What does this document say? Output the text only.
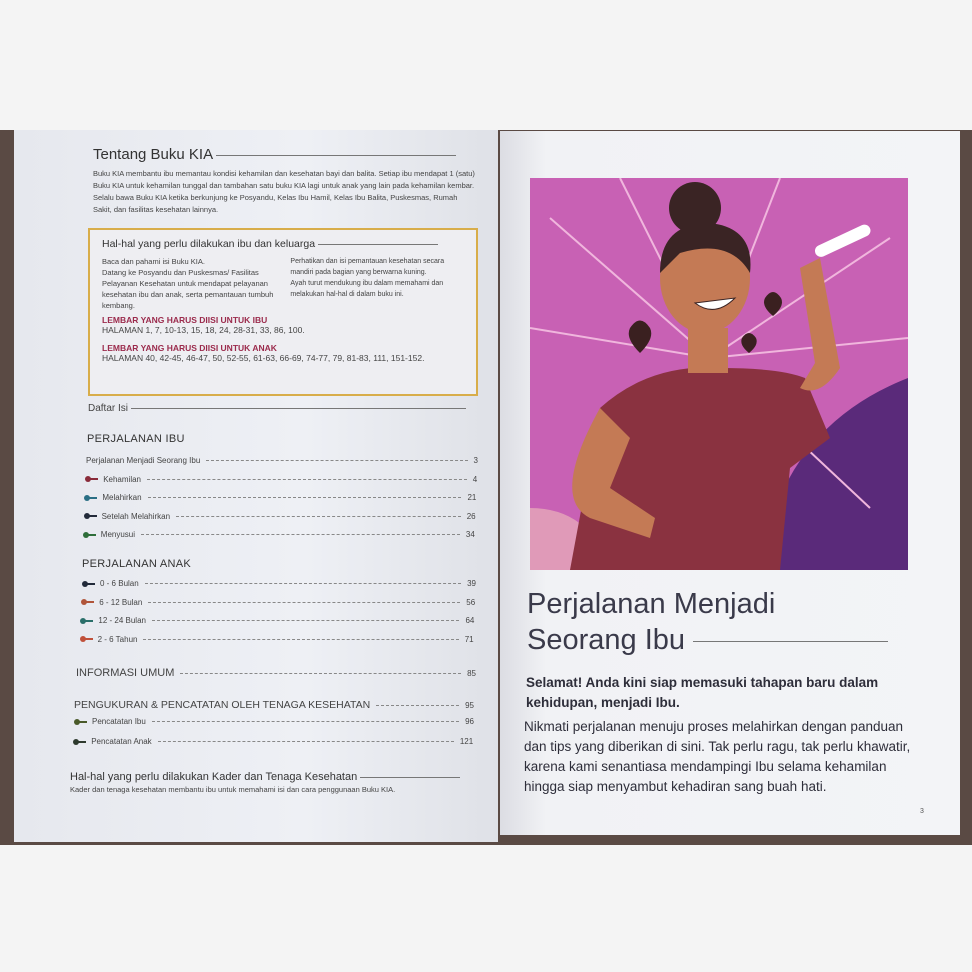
Tentang Buku KIA

Buku KIA membantu ibu memantau kondisi kehamilan dan kesehatan bayi dan balita. Setiap ibu mendapat 1 (satu) Buku KIA untuk kehamilan tunggal dan tambahan satu buku KIA lagi untuk anak yang lain pada kehamilan kembar. Selalu bawa Buku KIA ketika berkunjung ke Posyandu, Kelas Ibu Hamil, Kelas Ibu Balita, Puskesmas, Rumah Sakit, dan fasilitas kesehatan lainnya.

Hal-hal yang perlu dilakukan ibu dan keluarga
Baca dan pahami isi Buku KIA.
Datang ke Posyandu dan Puskesmas/ Fasilitas Pelayanan Kesehatan untuk mendapat pelayanan kesehatan ibu dan anak, serta pemantauan tumbuh kembang.
Perhatikan dan isi pemantauan kesehatan secara mandiri pada bagian yang berwarna kuning.
Ayah turut mendukung ibu dalam memahami dan melakukan hal-hal di dalam buku ini.
LEMBAR YANG HARUS DIISI UNTUK IBU
HALAMAN 1, 7, 10-13, 15, 18, 24, 28-31, 33, 86, 100.
LEMBAR YANG HARUS DIISI UNTUK ANAK
HALAMAN 40, 42-45, 46-47, 50, 52-55, 61-63, 66-69, 74-77, 79, 81-83, 111, 151-152.
Daftar Isi
PERJALANAN IBU
Perjalanan Menjadi Seorang Ibu	3
Kehamilan	4
Melahirkan	21
Setelah Melahirkan	26
Menyusui	34
PERJALANAN ANAK
0 - 6 Bulan	39
6 - 12 Bulan	56
12 - 24 Bulan	64
2 - 6 Tahun	71
INFORMASI UMUM	85
PENGUKURAN & PENCATATAN OLEH TENAGA KESEHATAN	95
Pencatatan Ibu	96
Pencatatan Anak	121
Hal-hal yang perlu dilakukan Kader dan Tenaga Kesehatan
Kader dan tenaga kesehatan membantu ibu untuk memahami isi dan cara penggunaan Buku KIA.
Perjalanan Menjadi
Seorang Ibu

Selamat! Anda kini siap memasuki tahapan baru dalam kehidupan, menjadi Ibu.

Nikmati perjalanan menuju proses melahirkan dengan panduan dan tips yang diberikan di sini. Tak perlu ragu, tak perlu khawatir, karena kami senantiasa mendampingi Ibu selama kehamilan hingga siap menyambut kehadiran sang buah hati.

3
